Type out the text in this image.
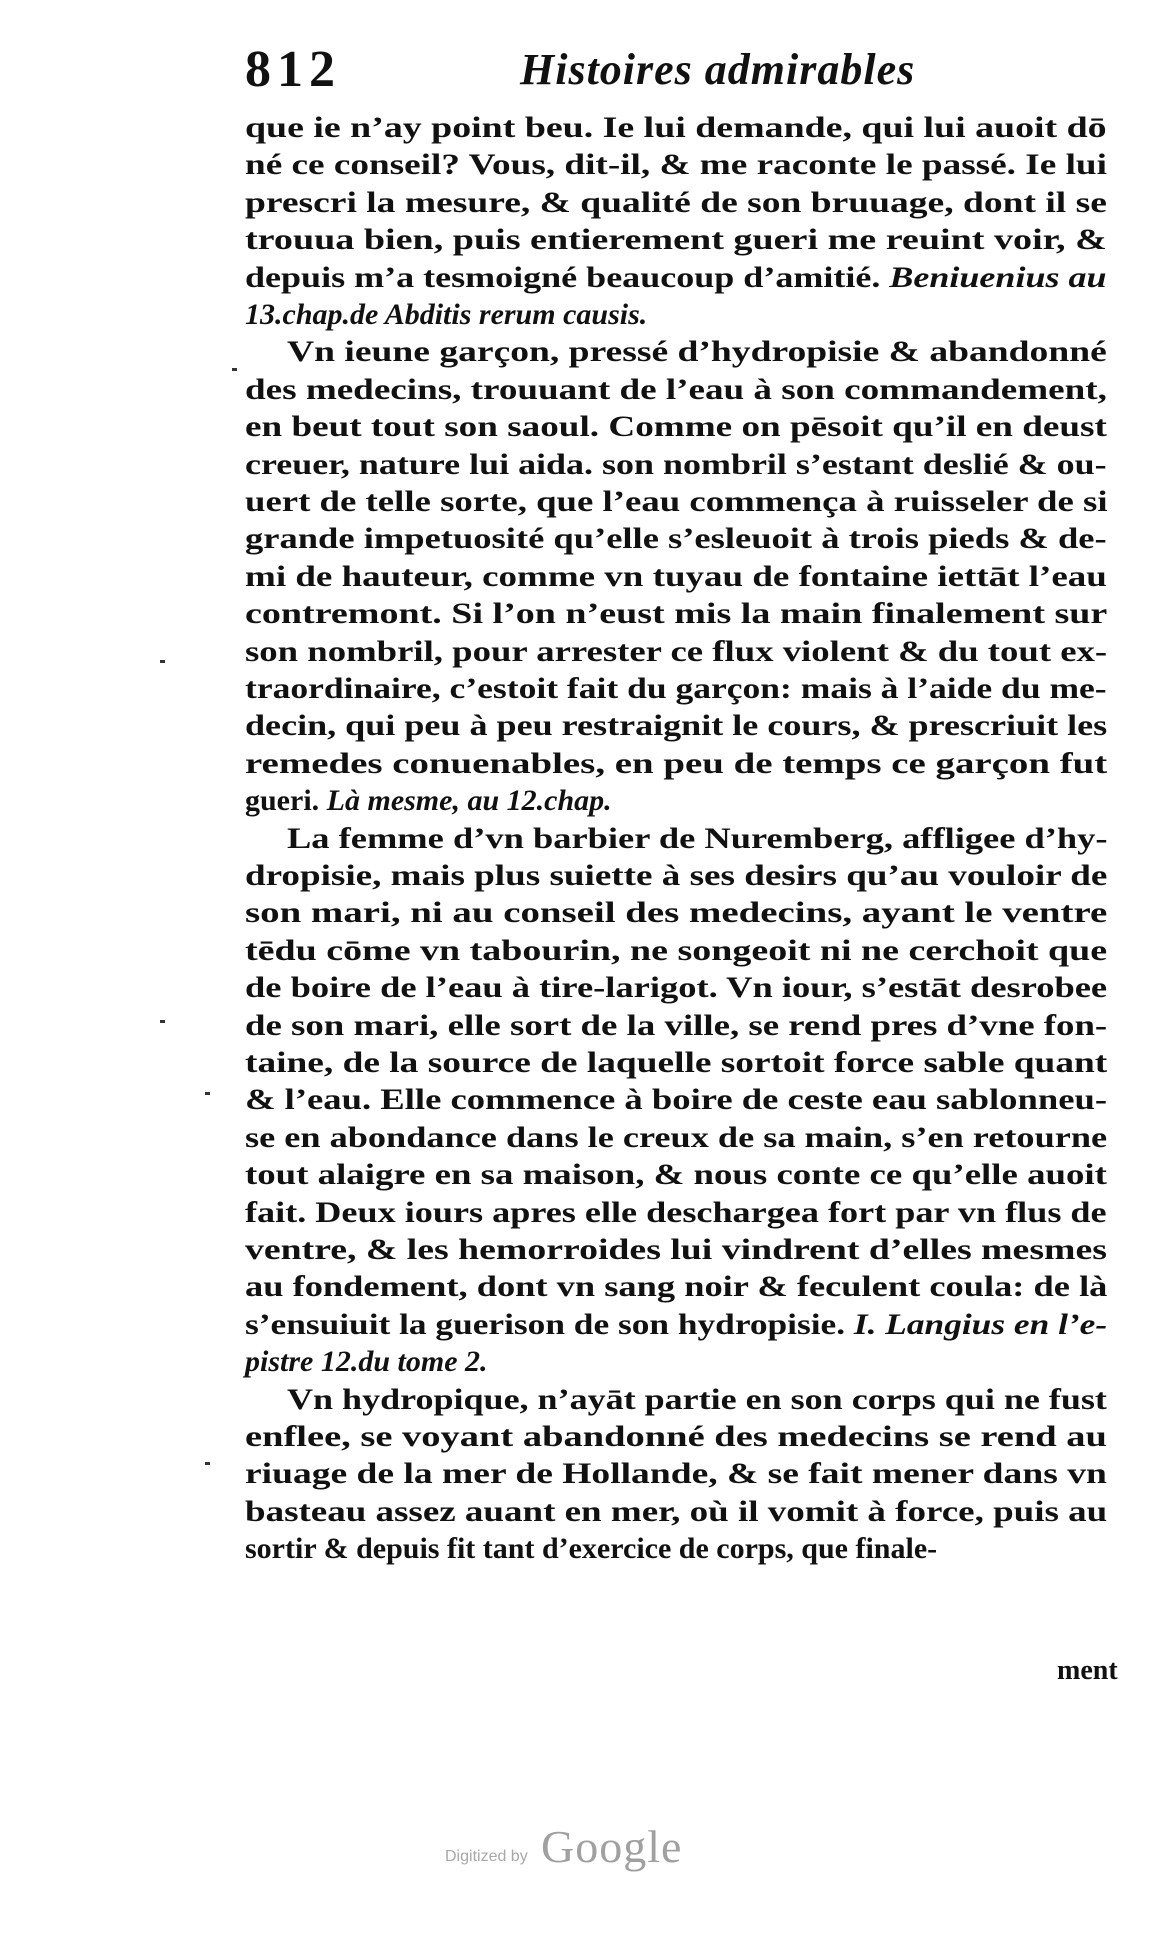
812	Histoires admirables
que ie n’ay point beu. Ie lui demande, qui lui auoit dō
né ce conseil? Vous, dit-il, & me raconte le passé. Ie lui
prescri la mesure, & qualité de son bruuage, dont il se
trouua bien, puis entierement gueri me reuint voir, &
depuis m’a tesmoigné beaucoup d’amitié. Beniuenius au
13.chap.de Abditis rerum causis.
Vn ieune garçon, pressé d’hydropisie & abandonné
des medecins, trouuant de l’eau à son commandement,
en beut tout son saoul. Comme on pēsoit qu’il en deust
creuer, nature lui aida. son nombril s’estant deslié & ou-
uert de telle sorte, que l’eau commença à ruisseler de si
grande impetuosité qu’elle s’esleuoit à trois pieds & de-
mi de hauteur, comme vn tuyau de fontaine iettāt l’eau
contremont. Si l’on n’eust mis la main finalement sur
son nombril, pour arrester ce flux violent & du tout ex-
traordinaire, c’estoit fait du garçon: mais à l’aide du me-
decin, qui peu à peu restraignit le cours, & prescriuit les
remedes conuenables, en peu de temps ce garçon fut
gueri. Là mesme, au 12.chap.
La femme d’vn barbier de Nuremberg, affligee d’hy-
dropisie, mais plus suiette à ses desirs qu’au vouloir de
son mari, ni au conseil des medecins, ayant le ventre
tēdu cōme vn tabourin, ne songeoit ni ne cerchoit que
de boire de l’eau à tire-larigot. Vn iour, s’estāt desrobee
de son mari, elle sort de la ville, se rend pres d’vne fon-
taine, de la source de laquelle sortoit force sable quant
& l’eau. Elle commence à boire de ceste eau sablonneu-
se en abondance dans le creux de sa main, s’en retourne
tout alaigre en sa maison, & nous conte ce qu’elle auoit
fait. Deux iours apres elle deschargea fort par vn flus de
ventre, & les hemorroides lui vindrent d’elles mesmes
au fondement, dont vn sang noir & feculent coula: de là
s’ensuiuit la guerison de son hydropisie. I. Langius en l’e-
pistre 12.du tome 2.
Vn hydropique, n’ayāt partie en son corps qui ne fust
enflee, se voyant abandonné des medecins se rend au
riuage de la mer de Hollande, & se fait mener dans vn
basteau assez auant en mer, où il vomit à force, puis au
sortir & depuis fit tant d’exercice de corps, que finale-
ment
Digitized by Google
